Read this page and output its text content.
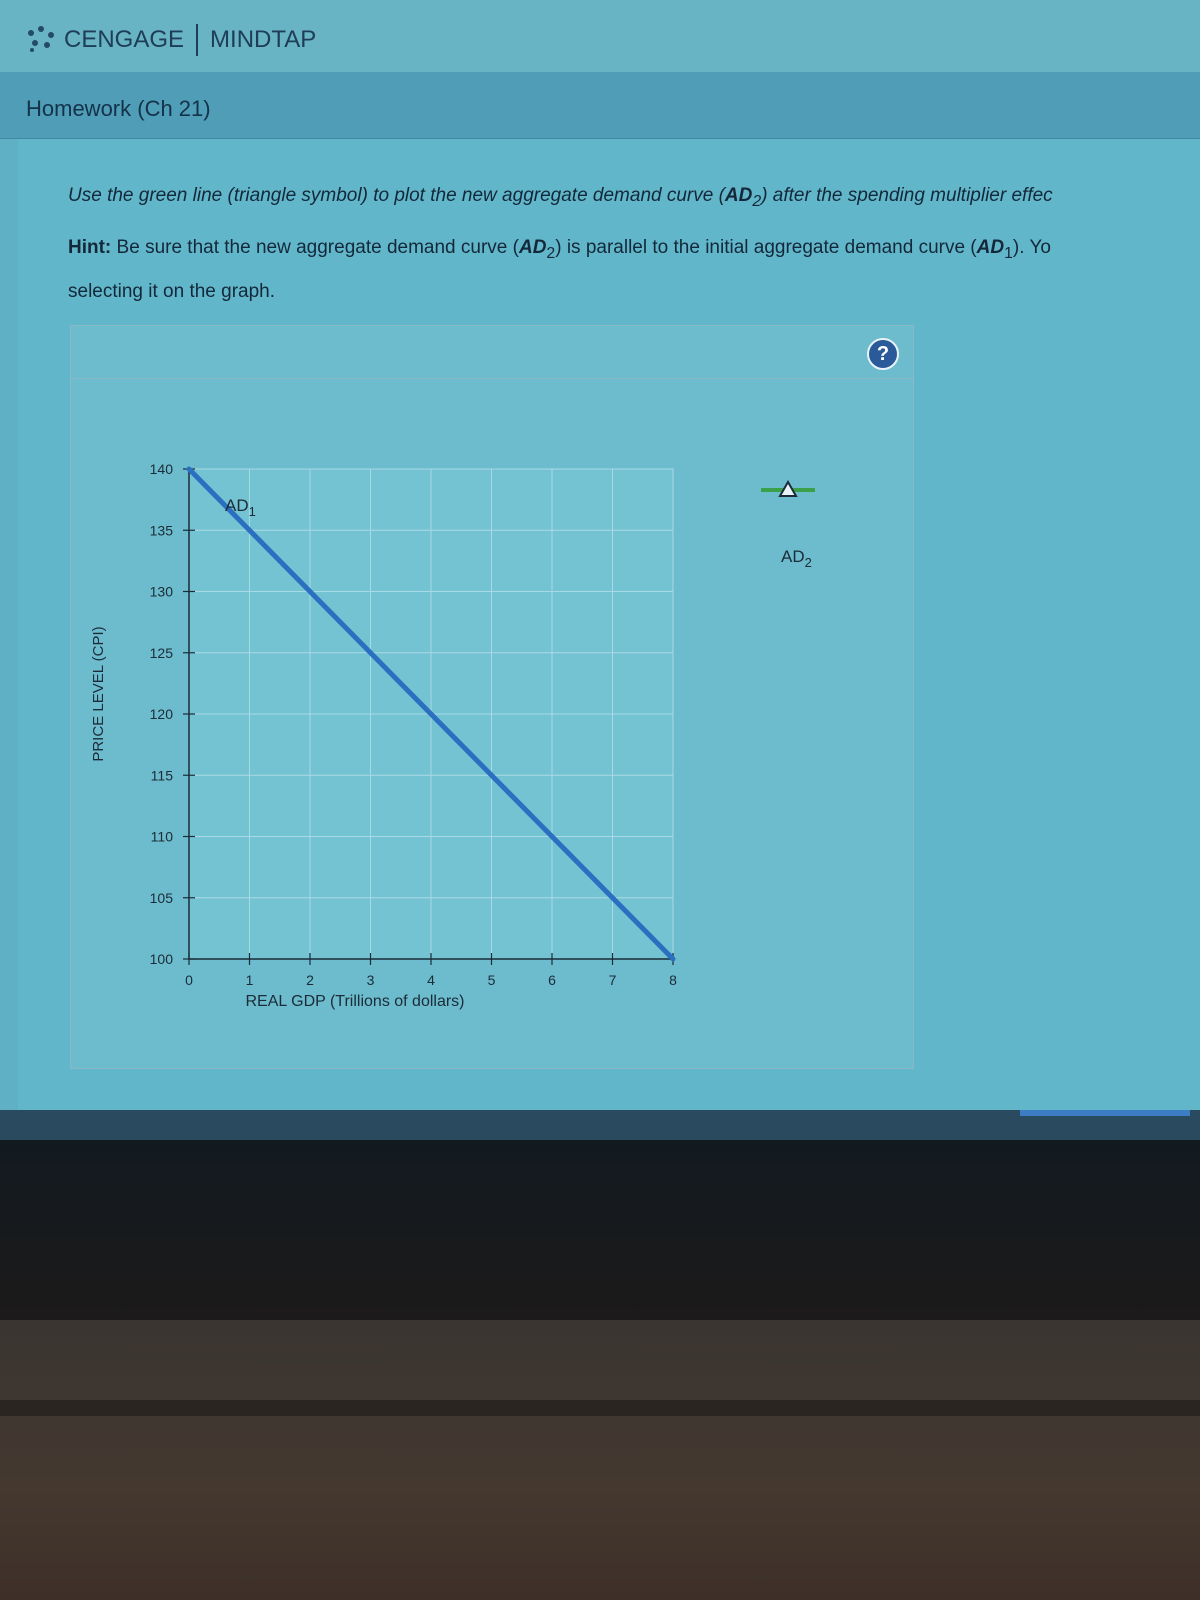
CENGAGE MINDTAP
Homework (Ch 21)
Use the green line (triangle symbol) to plot the new aggregate demand curve $(AD_2)$ after the spending multiplier effec
Hint: Be sure that the new aggregate demand curve $(AD_2)$ is parallel to the initial aggregate demand curve $(AD_1)$. Yo
selecting it on the graph.
?
100
105
110
115
120
125
130
135
140
0	1	2	3	4	5	6	7	8
$AD_1$
PRICE LEVEL (CPI)
REAL GDP (Trillions of dollars)
$AD_2$
